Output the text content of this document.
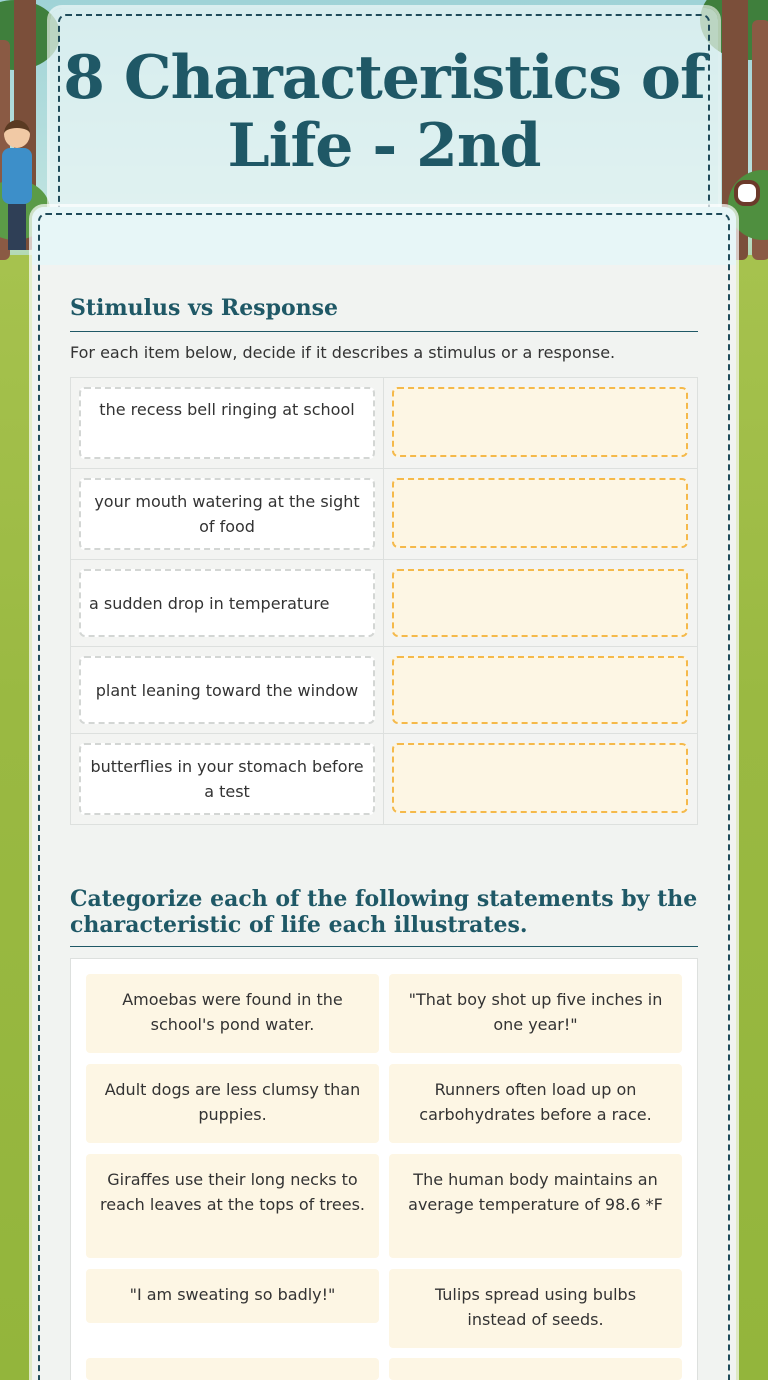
8 Characteristics of Life - 2nd
Stimulus vs Response

For each item below, decide if it describes a stimulus or a response.

the recess bell ringing at school
your mouth watering at the sight of food
a sudden drop in temperature
plant leaning toward the window
butterflies in your stomach before a test
Categorize each of the following statements by the characteristic of life each illustrates.
Amoebas were found in the school's pond water.
"That boy shot up five inches in one year!"
Adult dogs are less clumsy than puppies.
Runners often load up on carbohydrates before a race.
Giraffes use their long necks to reach leaves at the tops of trees.
The human body maintains an average temperature of 98.6 *F
"I am sweating so badly!"	Tulips spread using bulbs instead of seeds.
